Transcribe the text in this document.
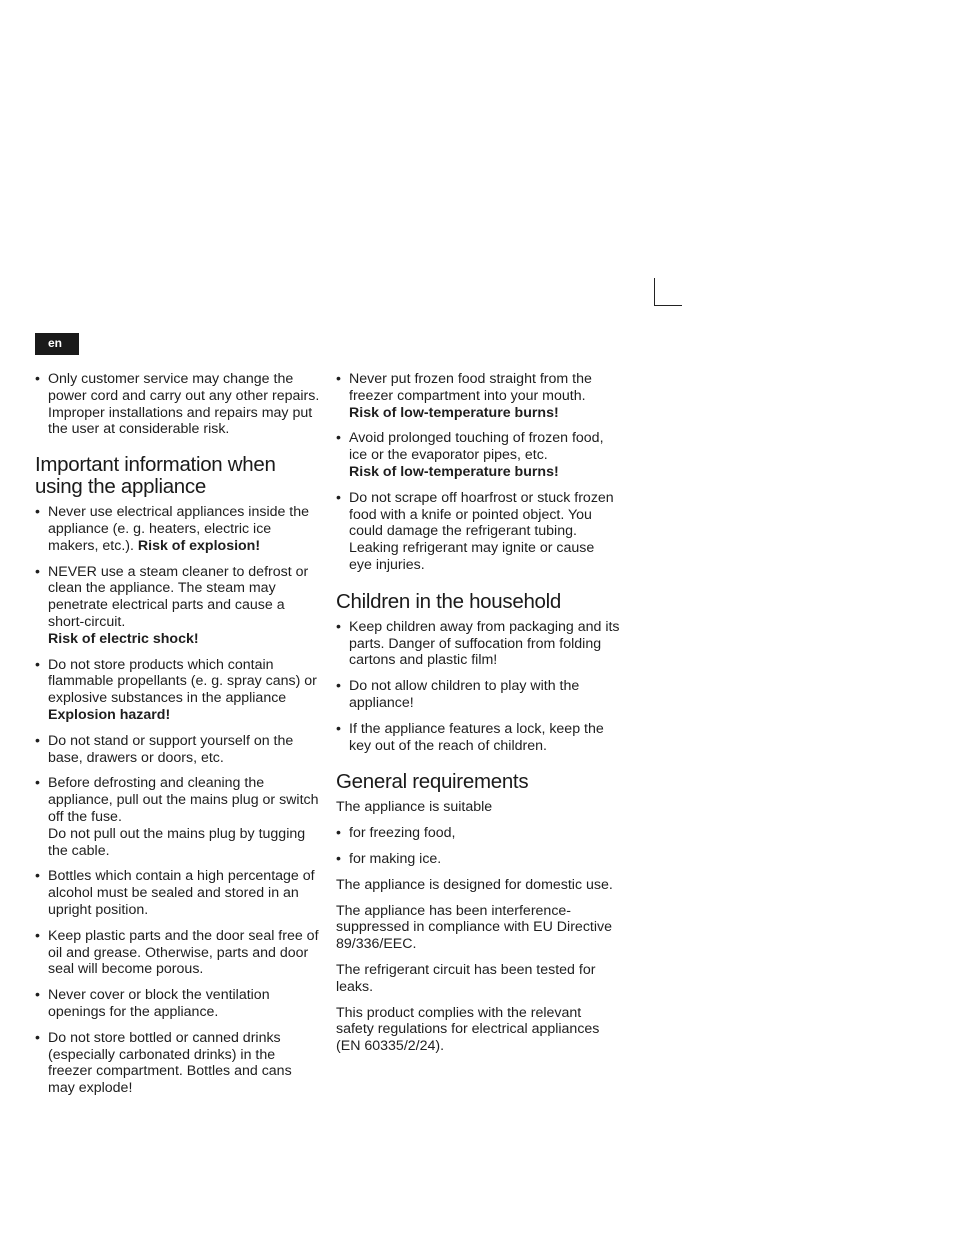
en
• Only customer service may change the power cord and carry out any other repairs. Improper installations and repairs may put the user at considerable risk.
Important information when using the appliance
• Never use electrical appliances inside the appliance (e. g. heaters, electric ice makers, etc.). Risk of explosion!
• NEVER use a steam cleaner to defrost or clean the appliance. The steam may penetrate electrical parts and cause a short-circuit.
Risk of electric shock!
• Do not store products which contain flammable propellants (e. g. spray cans) or explosive substances in the appliance
Explosion hazard!
• Do not stand or support yourself on the base, drawers or doors, etc.
• Before defrosting and cleaning the appliance, pull out the mains plug or switch off the fuse.
Do not pull out the mains plug by tugging the cable.
• Bottles which contain a high percentage of alcohol must be sealed and stored in an upright position.
• Keep plastic parts and the door seal free of oil and grease. Otherwise, parts and door seal will become porous.
• Never cover or block the ventilation openings for the appliance.
• Do not store bottled or canned drinks (especially carbonated drinks) in the freezer compartment. Bottles and cans may explode!
• Never put frozen food straight from the freezer compartment into your mouth.
Risk of low-temperature burns!
• Avoid prolonged touching of frozen food, ice or the evaporator pipes, etc.
Risk of low-temperature burns!
• Do not scrape off hoarfrost or stuck frozen food with a knife or pointed object. You could damage the refrigerant tubing. Leaking refrigerant may ignite or cause eye injuries.
Children in the household
• Keep children away from packaging and its parts. Danger of suffocation from folding cartons and plastic film!
• Do not allow children to play with the appliance!
• If the appliance features a lock, keep the key out of the reach of children.
General requirements

The appliance is suitable

• for freezing food,
• for making ice.

The appliance is designed for domestic use.

The appliance has been interference-suppressed in compliance with EU Directive 89/336/EEC.

The refrigerant circuit has been tested for leaks.

This product complies with the relevant safety regulations for electrical appliances (EN 60335/2/24).
